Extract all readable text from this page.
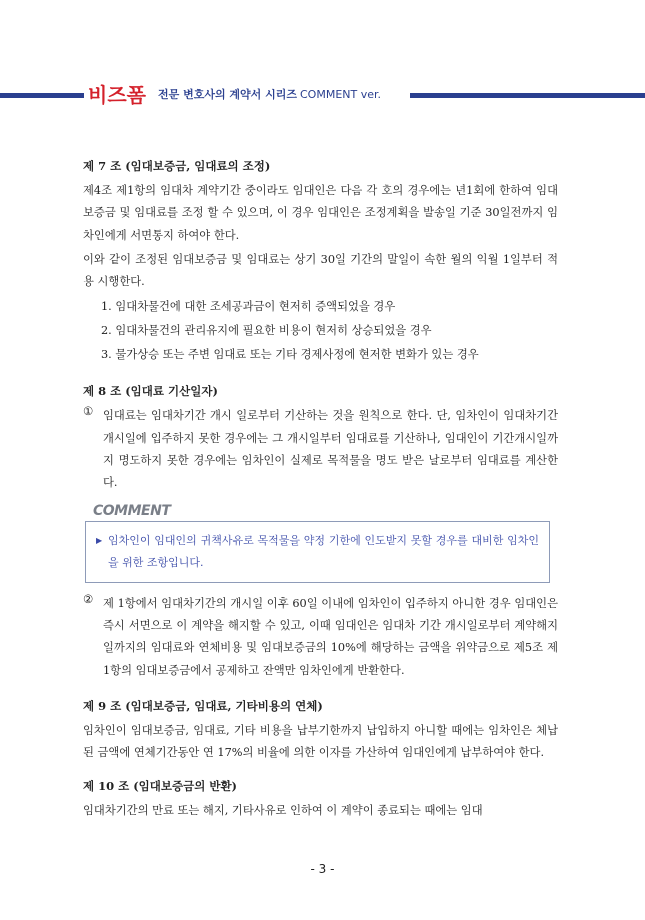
비즈폼 전문 변호사의 계약서 시리즈 COMMENT ver.
제 7 조 (임대보증금, 임대료의 조정)

제4조 제1항의 임대차 계약기간 중이라도 임대인은 다음 각 호의 경우에는 년1회에 한하여 임대보증금 및 임대료를 조정 할 수 있으며, 이 경우 임대인은 조정계획을 발송일 기준 30일전까지 임차인에게 서면통지 하여야 한다.

이와 같이 조정된 임대보증금 및 임대료는 상기 30일 기간의 말일이 속한 월의 익월 1일부터 적용 시행한다.

1. 임대차물건에 대한 조세공과금이 현저히 증액되었을 경우
2. 임대차물건의 관리유지에 필요한 비용이 현저히 상승되었을 경우
3. 물가상승 또는 주변 임대료 또는 기타 경제사정에 현저한 변화가 있는 경우
제 8 조 (임대료 기산일자)
① 임대료는 임대차기간 개시 일로부터 기산하는 것을 원칙으로 한다. 단, 임차인이 임대차기간 개시일에 입주하지 못한 경우에는 그 개시일부터 임대료를 기산하나, 임대인이 기간개시일까지 명도하지 못한 경우에는 임차인이 실제로 목적물을 명도 받은 날로부터 임대료를 계산한다.

COMMENT
▶ 임차인이 임대인의 귀책사유로 목적물을 약정 기한에 인도받지 못할 경우를 대비한 임차인을 위한 조항입니다.

② 제 1항에서 임대차기간의 개시일 이후 60일 이내에 임차인이 입주하지 아니한 경우 임대인은 즉시 서면으로 이 계약을 해지할 수 있고, 이때 임대인은 임대차 기간 개시일로부터 계약해지 일까지의 임대료와 연체비용 및 임대보증금의 10%에 해당하는 금액을 위약금으로 제5조 제1항의 임대보증금에서 공제하고 잔액만 임차인에게 반환한다.

제 9 조 (임대보증금, 임대료, 기타비용의 연체)

임차인이 임대보증금, 임대료, 기타 비용을 납부기한까지 납입하지 아니할 때에는 임차인은 체납된 금액에 연체기간동안 연 17%의 비율에 의한 이자를 가산하여 임대인에게 납부하여야 한다.

제 10 조 (임대보증금의 반환)

임대차기간의 만료 또는 해지, 기타사유로 인하여 이 계약이 종료되는 때에는 임대

- 3 -
